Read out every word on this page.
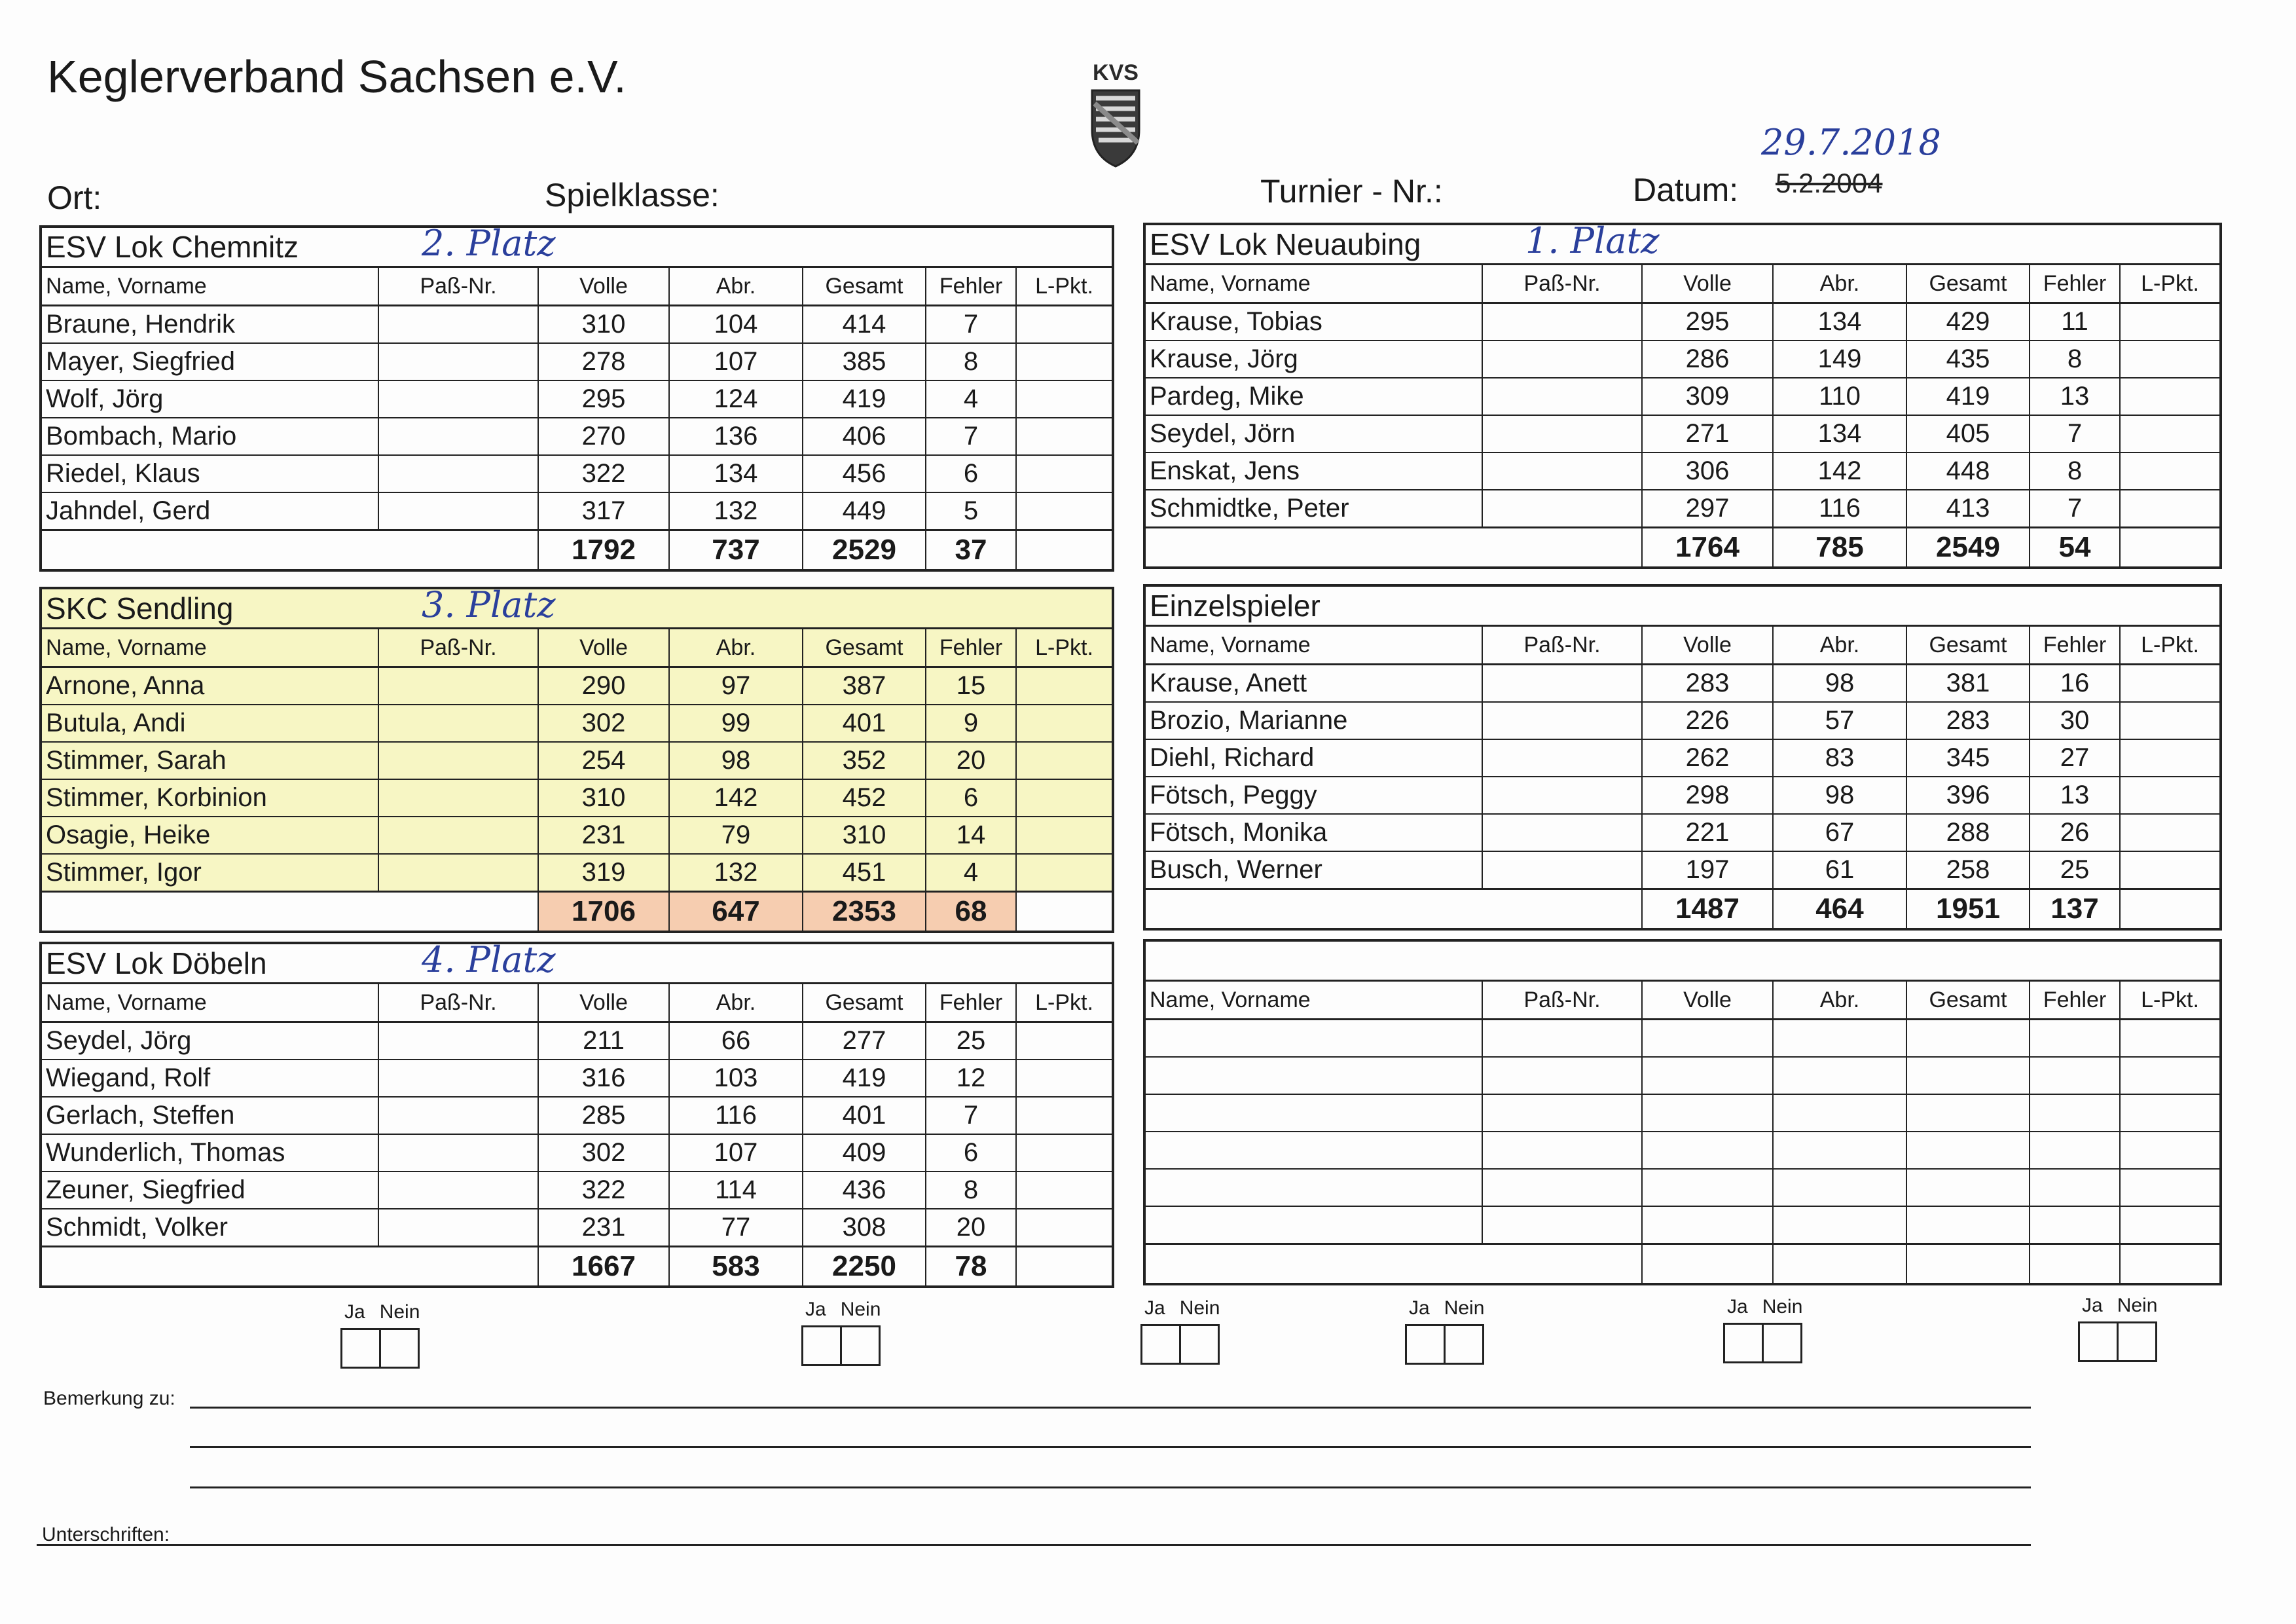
Keglerverband Sachsen e.V.	KVS
Ort:	Spielklasse:	Turnier - Nr.:	Datum:
29.7.2018
5.2.2004
ESV Lok Chemnitz 2. Platz						

Name, Vorname	Paß-Nr.	Volle	Abr.	Gesamt	Fehler	L-Pkt.
Braune, Hendrik		310	104	414	7	
Mayer, Siegfried		278	107	385	8	
Wolf, Jörg		295	124	419	4	
Bombach, Mario		270	136	406	7	
Riedel, Klaus		322	134	456	6	
Jahndel, Gerd		317	132	449	5	
		1792	737	2529	37	
ESV Lok Neuaubing 1. Platz						

Name, Vorname	Paß-Nr.	Volle	Abr.	Gesamt	Fehler	L-Pkt.
Krause, Tobias		295	134	429	11	
Krause, Jörg		286	149	435	8	
Pardeg, Mike		309	110	419	13	
Seydel, Jörn		271	134	405	7	
Enskat, Jens		306	142	448	8	
Schmidtke, Peter		297	116	413	7	
		1764	785	2549	54	
SKC Sendling 3. Platz						

Name, Vorname	Paß-Nr.	Volle	Abr.	Gesamt	Fehler	L-Pkt.
Arnone, Anna		290	97	387	15	
Butula, Andi		302	99	401	9	
Stimmer, Sarah		254	98	352	20	
Stimmer, Korbinion		310	142	452	6	
Osagie, Heike		231	79	310	14	
Stimmer, Igor		319	132	451	4	
		1706	647	2353	68	
Einzelspieler						

Name, Vorname	Paß-Nr.	Volle	Abr.	Gesamt	Fehler	L-Pkt.
Krause, Anett		283	98	381	16	
Brozio, Marianne		226	57	283	30	
Diehl, Richard		262	83	345	27	
Fötsch, Peggy		298	98	396	13	
Fötsch, Monika		221	67	288	26	
Busch, Werner		197	61	258	25	
		1487	464	1951	137	
ESV Lok Döbeln 4. Platz						

Name, Vorname	Paß-Nr.	Volle	Abr.	Gesamt	Fehler	L-Pkt.
Seydel, Jörg		211	66	277	25	
Wiegand, Rolf		316	103	419	12	
Gerlach, Steffen		285	116	401	7	
Wunderlich, Thomas		302	107	409	6	
Zeuner, Siegfried		322	114	436	8	
Schmidt, Volker		231	77	308	20	
		1667	583	2250	78	

Name, Vorname	Paß-Nr.	Volle	Abr.	Gesamt	Fehler	L-Pkt.

Ja Nein	Ja Nein	Ja Nein	Ja Nein	Ja Nein	Ja Nein
Bemerkung zu:
Unterschriften:
